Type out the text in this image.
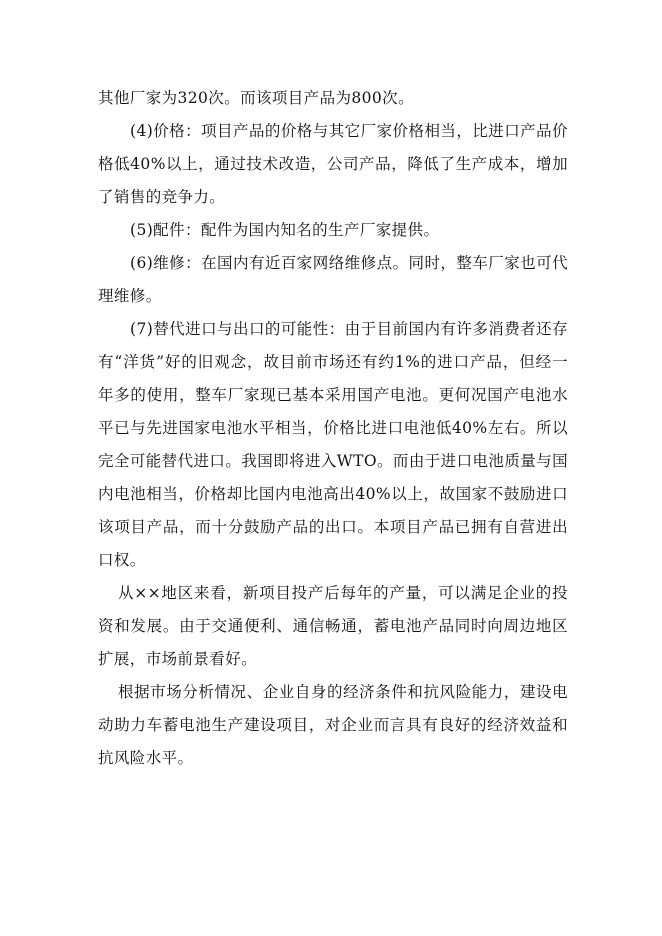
其他厂家为320次。而该项目产品为800次。

(4)价格：项目产品的价格与其它厂家价格相当，比进口产品价格低40%以上，通过技术改造，公司产品，降低了生产成本，增加了销售的竞争力。

(5)配件：配件为国内知名的生产厂家提供。

(6)维修：在国内有近百家网络维修点。同时，整车厂家也可代理维修。

(7)替代进口与出口的可能性：由于目前国内有许多消费者还存有“洋货”好的旧观念，故目前市场还有约1%的进口产品，但经一年多的使用，整车厂家现已基本采用国产电池。更何况国产电池水平已与先进国家电池水平相当，价格比进口电池低40%左右。所以完全可能替代进口。我国即将进入WTO。而由于进口电池质量与国内电池相当，价格却比国内电池高出40%以上，故国家不鼓励进口该项目产品，而十分鼓励产品的出口。本项目产品已拥有自营进出口权。

从××地区来看，新项目投产后每年的产量，可以满足企业的投资和发展。由于交通便利、通信畅通，蓄电池产品同时向周边地区扩展，市场前景看好。

根据市场分析情况、企业自身的经济条件和抗风险能力，建设电动助力车蓄电池生产建设项目，对企业而言具有良好的经济效益和抗风险水平。
